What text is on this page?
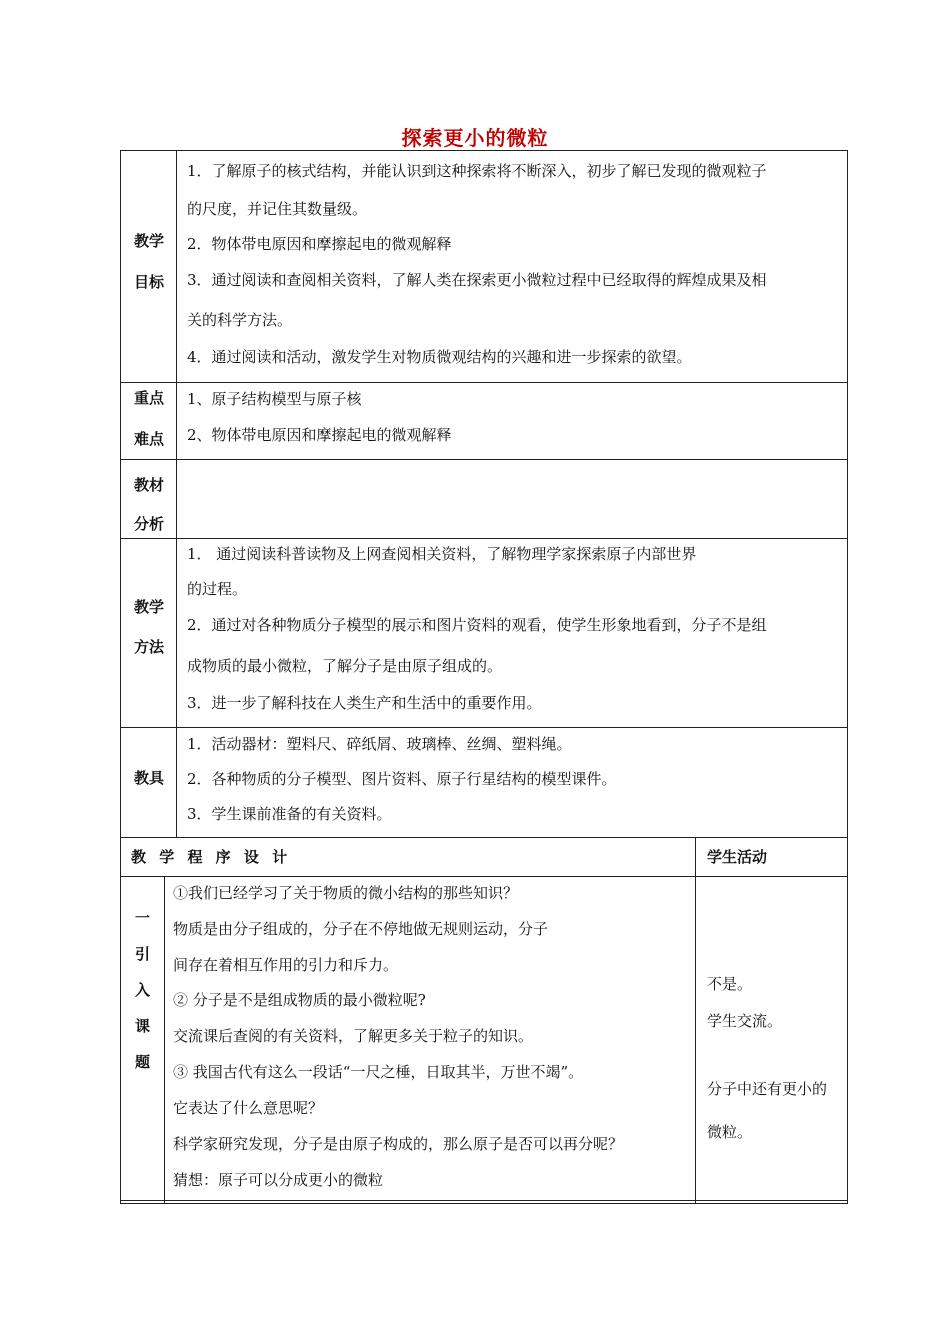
探索更小的微粒
教学
目标

1．了解原子的核式结构，并能认识到这种探索将不断深入，初步了解已发现的微观粒子

的尺度，并记住其数量级。

2．物体带电原因和摩擦起电的微观解释

3．通过阅读和查阅相关资料，了解人类在探索更小微粒过程中已经取得的辉煌成果及相

关的科学方法。

4．通过阅读和活动，激发学生对物质微观结构的兴趣和进一步探索的欲望。

重点
难点

1、原子结构模型与原子核

2、物体带电原因和摩擦起电的微观解释

教材
分析
教学
方法

1． 通过阅读科普读物及上网查阅相关资料，了解物理学家探索原子内部世界

的过程。

2．通过对各种物质分子模型的展示和图片资料的观看，使学生形象地看到，分子不是组

成物质的最小微粒，了解分子是由原子组成的。

3．进一步了解科技在人类生产和生活中的重要作用。

教具

1．活动器材：塑料尺、碎纸屑、玻璃棒、丝绸、塑料绳。

2．各种物质的分子模型、图片资料、原子行星结构的模型课件。

3．学生课前准备的有关资料。

教 学 程 序 设 计	学生活动
一
引
入
课
题

①我们已经学习了关于物质的微小结构的那些知识？

物质是由分子组成的，分子在不停地做无规则运动，分子

间存在着相互作用的引力和斥力。

② 分子是不是组成物质的最小微粒呢?

交流课后查阅的有关资料，了解更多关于粒子的知识。

③ 我国古代有这么一段话“一尺之棰，日取其半，万世不竭”。

它表达了什么意思呢？

科学家研究发现，分子是由原子构成的，那么原子是否可以再分呢？

猜想：原子可以分成更小的微粒

不是。

学生交流。

分子中还有更小的

微粒。
